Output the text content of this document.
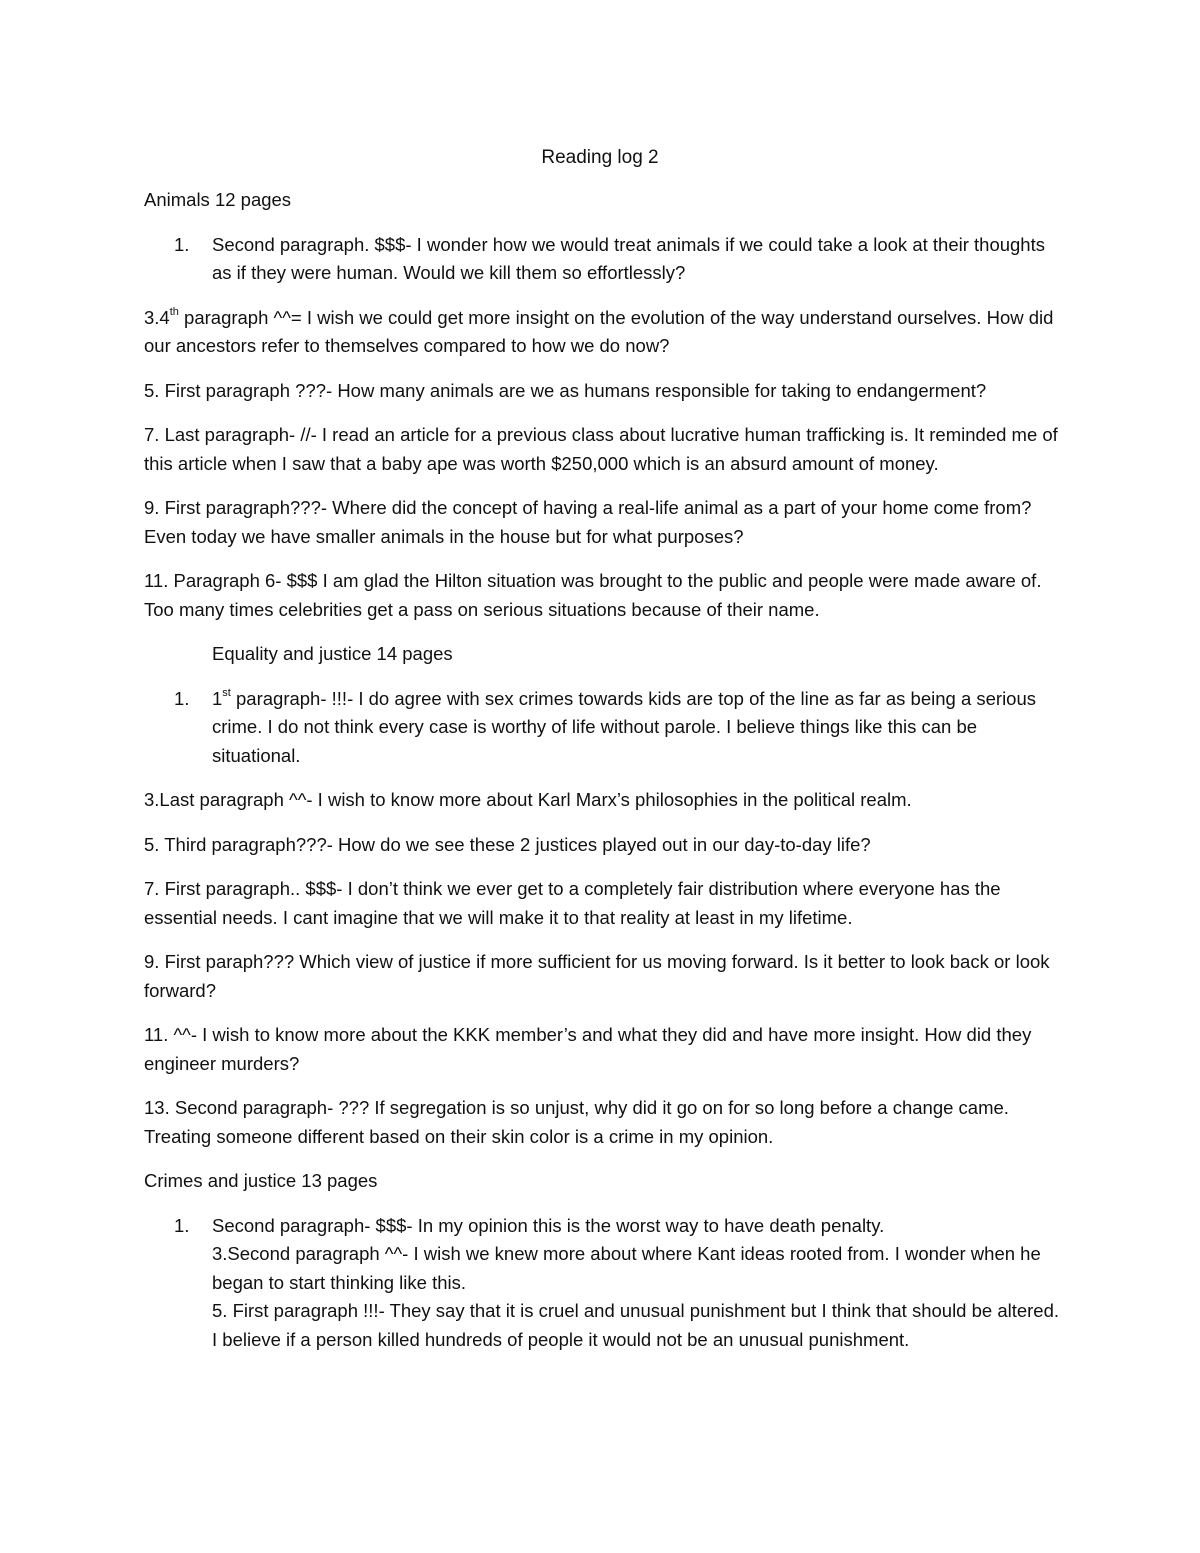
Reading log 2
Animals 12 pages
1. Second paragraph. $$$- I wonder how we would treat animals if we could take a look at their thoughts as if they were human. Would we kill them so effortlessly?
3.4th paragraph ^^= I wish we could get more insight on the evolution of the way understand ourselves. How did our ancestors refer to themselves compared to how we do now?
5. First paragraph ???- How many animals are we as humans responsible for taking to endangerment?
7. Last paragraph- //- I read an article for a previous class about lucrative human trafficking is. It reminded me of this article when I saw that a baby ape was worth $250,000 which is an absurd amount of money.
9. First paragraph???- Where did the concept of having a real-life animal as a part of your home come from? Even today we have smaller animals in the house but for what purposes?
11. Paragraph 6- $$$ I am glad the Hilton situation was brought to the public and people were made aware of. Too many times celebrities get a pass on serious situations because of their name.
Equality and justice 14 pages
1. 1st paragraph- !!!- I do agree with sex crimes towards kids are top of the line as far as being a serious crime. I do not think every case is worthy of life without parole. I believe things like this can be situational.
3.Last paragraph ^^- I wish to know more about Karl Marx’s philosophies in the political realm.
5. Third paragraph???- How do we see these 2 justices played out in our day-to-day life?
7. First paragraph.. $$$- I don’t think we ever get to a completely fair distribution where everyone has the essential needs. I cant imagine that we will make it to that reality at least in my lifetime.
9. First paraph??? Which view of justice if more sufficient for us moving forward. Is it better to look back or look forward?
11. ^^- I wish to know more about the KKK member’s and what they did and have more insight. How did they engineer murders?
13. Second paragraph- ??? If segregation is so unjust, why did it go on for so long before a change came. Treating someone different based on their skin color is a crime in my opinion.
Crimes and justice 13 pages
1. Second paragraph- $$$- In my opinion this is the worst way to have death penalty.
3.Second paragraph ^^- I wish we knew more about where Kant ideas rooted from. I wonder when he began to start thinking like this.
5. First paragraph !!!- They say that it is cruel and unusual punishment but I think that should be altered. I believe if a person killed hundreds of people it would not be an unusual punishment.
